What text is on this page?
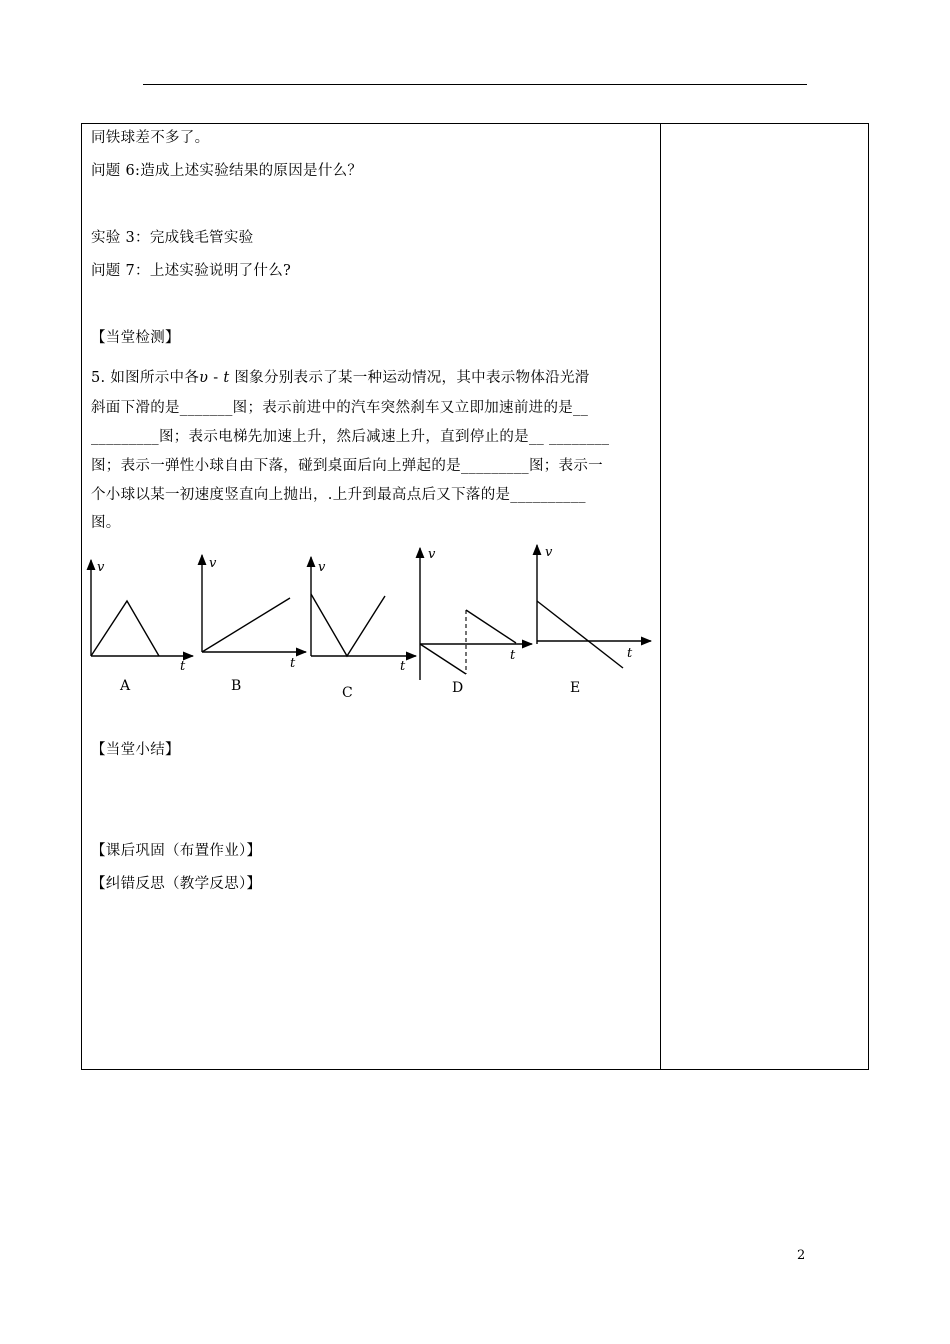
同铁球差不多了。
问题 6:造成上述实验结果的原因是什么？
实验 3：完成钱毛管实验
问题 7：上述实验说明了什么?
【当堂检测】
5. 如图所示中各υ - t 图象分别表示了某一种运动情况，其中表示物体沿光滑
斜面下滑的是_______图；表示前进中的汽车突然刹车又立即加速前进的是__
_________图；表示电梯先加速上升，然后减速上升，直到停止的是__ ________
图；表示一弹性小球自由下落，碰到桌面后向上弹起的是_________图；表示一
个小球以某一初速度竖直向上抛出，.上升到最高点后又下落的是__________
图。
v
t
A
v
t
B
v
t
C
v
t
D
v
t
E
【当堂小结】
【课后巩固（布置作业）】
【纠错反思（教学反思）】
2
